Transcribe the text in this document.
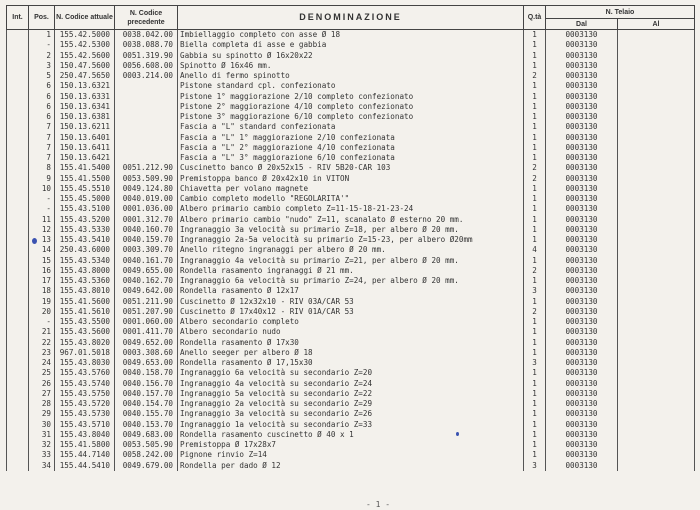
Int.	Pos.	N. Codice attuale	N. Codice precedente	DENOMINAZIONE	Q.tà	N. Telaio	
						Dal	Al
	1	155.42.5000	0038.042.00	Imbiellaggio completo con asse Ø 18	1	0003130	
	-	155.42.5300	0038.088.70	Biella completa di asse e gabbia	1	0003130	
	2	155.42.5600	0051.319.90	Gabbia su spinotto Ø 16x20x22	1	0003130	
	3	150.47.5600	0056.608.00	Spinotto Ø 16x46 mm.	1	0003130	
	5	250.47.5650	0003.214.00	Anello di fermo spinotto	2	0003130	
	6	150.13.6321		Pistone standard cpl. confezionato	1	0003130	
	6	150.13.6331		Pistone 1° maggiorazione 2/10 completo confezionato	1	0003130	
	6	150.13.6341		Pistone 2° maggiorazione 4/10 completo confezionato	1	0003130	
	6	150.13.6381		Pistone 3° maggiorazione 6/10 completo confezionato	1	0003130	
	7	150.13.6211		Fascia a "L" standard confezionata	1	0003130	
	7	150.13.6401		Fascia a "L" 1° maggiorazione 2/10 confezionata	1	0003130	
	7	150.13.6411		Fascia a "L" 2° maggiorazione 4/10 confezionata	1	0003130	
	7	150.13.6421		Fascia a "L" 3° maggiorazione 6/10 confezionata	1	0003130	
	8	155.41.5400	0051.212.90	Cuscinetto banco Ø 20x52x15 - RIV 5B20-CAR 103	2	0003130	
	9	155.41.5500	0053.509.90	Premistoppa banco Ø 20x42x10 in VITON	2	0003130	
	10	155.45.5510	0049.124.80	Chiavetta per volano magnete	1	0003130	
	-	155.45.5000	0040.019.00	Cambio completo modello "REGOLARITA'"	1	0003130	
	-	155.43.5100	0001.036.00	Albero primario cambio completo Z=11-15-18-21-23-24	1	0003130	
	11	155.43.5200	0001.312.70	Albero primario cambio "nudo" Z=11, scanalato Ø esterno 20 mm.	1	0003130	
	12	155.43.5330	0040.160.70	Ingranaggio 3a velocità su primario Z=18, per albero Ø 20 mm.	1	0003130	
	13	155.43.5410	0040.159.70	Ingranaggio 2a-5a velocità su primario Z=15-23, per albero Ø20mm	1	0003130	
	14	250.43.6000	0003.309.70	Anello ritegno ingranaggi per albero Ø 20 mm.	4	0003130	
	15	155.43.5340	0040.161.70	Ingranaggio 4a velocità su primario Z=21, per albero Ø 20 mm.	1	0003130	
	16	155.43.8000	0049.655.00	Rondella rasamento ingranaggi Ø 21 mm.	2	0003130	
	17	155.43.5360	0040.162.70	Ingranaggio 6a velocità su primario Z=24, per albero Ø 20 mm.	1	0003130	
	18	155.43.8010	0049.642.00	Rondella rasamento Ø 12x17	3	0003130	
	19	155.41.5600	0051.211.90	Cuscinetto Ø 12x32x10 - RIV 03A/CAR 53	1	0003130	
	20	155.41.5610	0051.207.90	Cuscinetto Ø 17x40x12 - RIV 01A/CAR 53	2	0003130	
	-	155.43.5500	0001.060.00	Albero secondario completo	1	0003130	
	21	155.43.5600	0001.411.70	Albero secondario nudo	1	0003130	
	22	155.43.8020	0049.652.00	Rondella rasamento Ø 17x30	1	0003130	
	23	967.01.5018	0003.308.60	Anello seeger per albero Ø 18	1	0003130	
	24	155.43.8030	0049.653.00	Rondella rasamento Ø 17,15x30	3	0003130	
	25	155.43.5760	0040.158.70	Ingranaggio 6a velocità su secondario Z=20	1	0003130	
	26	155.43.5740	0040.156.70	Ingranaggio 4a velocità su secondario Z=24	1	0003130	
	27	155.43.5750	0040.157.70	Ingranaggio 5a velocità su secondario Z=22	1	0003130	
	28	155.43.5720	0040.154.70	Ingranaggio 2a velocità su secondario Z=29	1	0003130	
	29	155.43.5730	0040.155.70	Ingranaggio 3a velocità su secondario Z=26	1	0003130	
	30	155.43.5710	0040.153.70	Ingranaggio 1a velocità su secondario Z=33	1	0003130	
	31	155.43.8040	0049.683.00	Rondella rasamento cuscinetto Ø 40 x 1	1	0003130	
	32	155.41.5800	0053.505.90	Premistoppa Ø 17x28x7	1	0003130	
	33	155.44.7140	0058.242.00	Pignone rinvio Z=14	1	0003130	
	34	155.44.5410	0049.679.00	Rondella per dado Ø 12	3	0003130	
- 1 -
